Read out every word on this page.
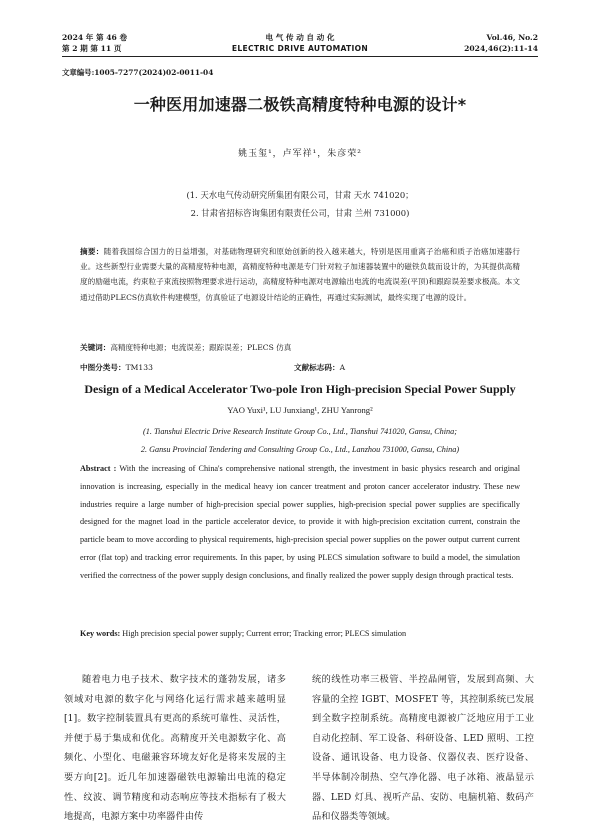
2024 年 第 46 卷
第 2 期 第 11 页
电 气 传 动 自 动 化
ELECTRIC DRIVE AUTOMATION
Vol.46, No.2
2024,46(2):11-14
文章编号:1005-7277(2024)02-0011-04
一种医用加速器二极铁高精度特种电源的设计*
姚玉玺¹，卢军祥¹，朱彦荣²
(1. 天水电气传动研究所集团有限公司，甘肃 天水 741020；
2. 甘肃省招标咨询集团有限责任公司，甘肃 兰州 731000)
摘要：随着我国综合国力的日益增强，对基础物理研究和原始创新的投入越来越大，特别是医用重离子治癌和质子治癌加速器行业。这些新型行业需要大量的高精度特种电源，高精度特种电源是专门针对粒子加速器装置中的磁铁负载而设计的，为其提供高精度的励磁电流，约束粒子束流按照物理要求进行运动，高精度特种电源对电源输出电流的电流误差(平顶)和跟踪误差要求极高。本文通过借助PLECS仿真软件构建模型，仿真验证了电源设计结论的正确性，再通过实际测试，最终实现了电源的设计。
关键词：高精度特种电源；电流误差；跟踪误差；PLECS 仿真
中图分类号：TM133	文献标志码：A
Design of a Medical Accelerator Two-pole Iron High-precision Special Power Supply
YAO Yuxi¹, LU Junxiang¹, ZHU Yanrong²
(1. Tianshui Electric Drive Research Institute Group Co., Ltd., Tianshui 741020, Gansu, China;
2. Gansu Provincial Tendering and Consulting Group Co., Ltd., Lanzhou 731000, Gansu, China)
Abstract : With the increasing of China's comprehensive national strength, the investment in basic physics research and original innovation is increasing, especially in the medical heavy ion cancer treatment and proton cancer accelerator industry. These new industries require a large number of high-precision special power supplies, high-precision special power supplies are specifically designed for the magnet load in the particle accelerator device, to provide it with high-precision excitation current, constrain the particle beam to move according to physical requirements, high-precision special power supplies on the power output current current error (flat top) and tracking error requirements. In this paper, by using PLECS simulation software to build a model, the simulation verified the correctness of the power supply design conclusions, and finally realized the power supply design through practical tests.
Key words: High precision special power supply; Current error; Tracking error; PLECS simulation
随着电力电子技术、数字技术的蓬勃发展，诸多领域对电源的数字化与网络化运行需求越来越明显[1]。数字控制装置具有更高的系统可靠性、灵活性，并便于易于集成和优化。高精度开关电源数字化、高频化、小型化、电磁兼容环境友好化是将来发展的主要方向[2]。近几年加速器磁铁电源输出电流的稳定性、纹波、调节精度和动态响应等技术指标有了极大地提高，电源方案中功率器件由传
统的线性功率三极管、半控晶闸管，发展到高频、大容量的全控 IGBT、MOSFET 等，其控制系统已发展到全数字控制系统。高精度电源被广泛地应用于工业自动化控制、军工设备、科研设备、LED 照明、工控设备、通讯设备、电力设备、仪器仪表、医疗设备、半导体制冷制热、空气净化器、电子冰箱、液晶显示器、LED 灯具、视听产品、安防、电脑机箱、数码产品和仪器类等领域。
